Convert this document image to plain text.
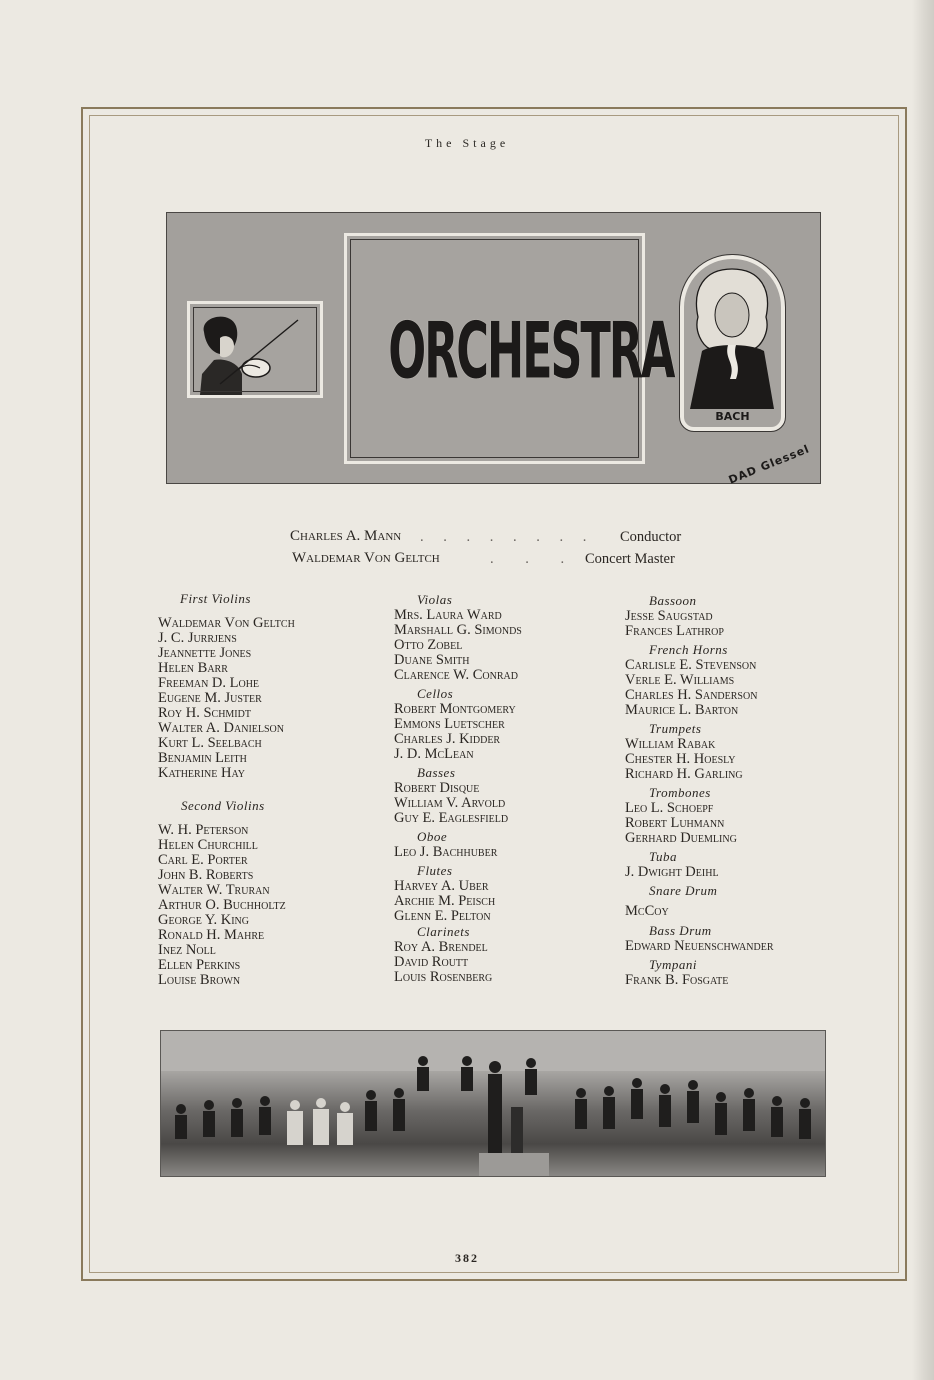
The Stage
ORCHESTRA
BACH
DAD Glessel
Charles A. Mann . . . . . . . . Conductor
Waldemar Von Geltch	. . . Concert Master
First Violins
Waldemar Von Geltch
J. C. Jurrjens
Jeannette Jones
Helen Barr
Freeman D. Lohe
Eugene M. Juster
Roy H. Schmidt
Walter A. Danielson
Kurt L. Seelbach
Benjamin Leith
Katherine Hay
Second Violins
W. H. Peterson
Helen Churchill
Carl E. Porter
John B. Roberts
Walter W. Truran
Arthur O. Buchholtz
George Y. King
Ronald H. Mahre
Inez Noll
Ellen Perkins
Louise Brown
Violas
Mrs. Laura Ward
Marshall G. Simonds
Otto Zobel
Duane Smith
Clarence W. Conrad
Cellos
Robert Montgomery
Emmons Luetscher
Charles J. Kidder
J. D. McLean
Basses
Robert Disque
William V. Arvold
Guy E. Eaglesfield
Oboe
Leo J. Bachhuber
Flutes
Harvey A. Uber
Archie M. Peisch
Glenn E. Pelton
Clarinets
Roy A. Brendel
David Routt
Louis Rosenberg
Bassoon
Jesse Saugstad
Frances Lathrop
French Horns
Carlisle E. Stevenson
Verle E. Williams
Charles H. Sanderson
Maurice L. Barton
Trumpets
William Rabak
Chester H. Hoesly
Richard H. Garling
Trombones
Leo L. Schoepf
Robert Luhmann
Gerhard Duemling
Tuba
J. Dwight Deihl
Snare Drum
McCoy
Bass Drum
Edward Neuenschwander
Tympani
Frank B. Fosgate
382
